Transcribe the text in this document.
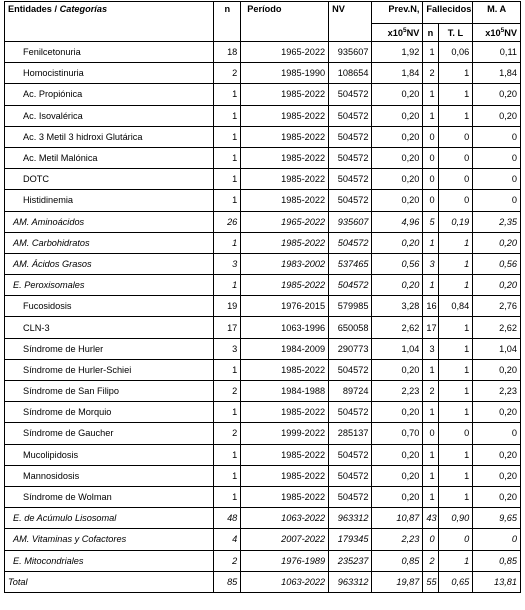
Entidades / Categorías	n	Período	NV	Prev.N,	Fallecidos		M. A
				$x10^5NV$	n	T. L	$x10^5NV$
Fenilcetonuria	18	1965-2022	935607	1,92	1	0,06	0,11
Homocistinuria	2	1985-1990	108654	1,84	2	1	1,84
Ac. Propiónica	1	1985-2022	504572	0,20	1	1	0,20
Ac. Isovalérica	1	1985-2022	504572	0,20	1	1	0,20
Ac. 3 Metil 3 hidroxi Glutárica	1	1985-2022	504572	0,20	0	0	0
Ac. Metil Malónica	1	1985-2022	504572	0,20	0	0	0
DOTC	1	1985-2022	504572	0,20	0	0	0
Histidinemia	1	1985-2022	504572	0,20	0	0	0
AM. Aminoácidos	26	1965-2022	935607	4,96	5	0,19	2,35
AM. Carbohidratos	1	1985-2022	504572	0,20	1	1	0,20
AM. Ácidos Grasos	3	1983-2002	537465	0,56	3	1	0,56
E. Peroxisomales	1	1985-2022	504572	0,20	1	1	0,20
Fucosidosis	19	1976-2015	579985	3,28	16	0,84	2,76
CLN-3	17	1063-1996	650058	2,62	17	1	2,62
Síndrome de Hurler	3	1984-2009	290773	1,04	3	1	1,04
Síndrome de Hurler-Schiei	1	1985-2022	504572	0,20	1	1	0,20
Síndrome de San Filipo	2	1984-1988	89724	2,23	2	1	2,23
Síndrome de Morquio	1	1985-2022	504572	0,20	1	1	0,20
Síndrome de Gaucher	2	1999-2022	285137	0,70	0	0	0
Mucolipidosis	1	1985-2022	504572	0,20	1	1	0,20
Mannosidosis	1	1985-2022	504572	0,20	1	1	0,20
Síndrome de Wolman	1	1985-2022	504572	0,20	1	1	0,20
E. de Acúmulo Lisosomal	48	1063-2022	963312	10,87	43	0,90	9,65
AM. Vitaminas y Cofactores	4	2007-2022	179345	2,23	0	0	0
E. Mitocondriales	2	1976-1989	235237	0,85	2	1	0,85
Total	85	1063-2022	963312	19,87	55	0,65	13,81
